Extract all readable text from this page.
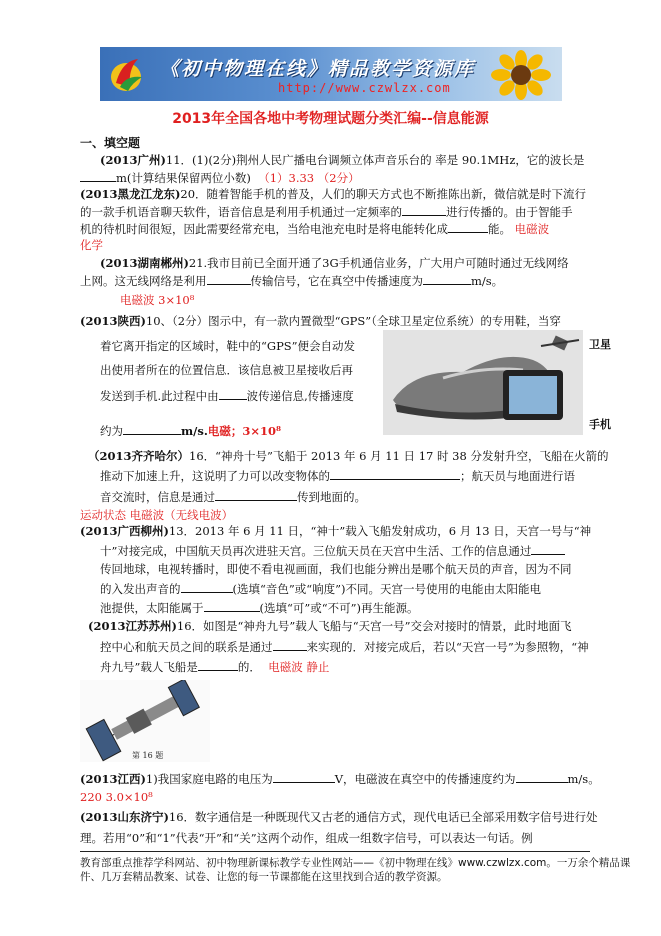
《初中物理在线》精品教学资源库
http://www.czwlzx.com
2013年全国各地中考物理试题分类汇编--信息能源
一、填空题
(2013广州)11．(1)(2分)荆州人民广播电台调频立体声音乐台的 率是 90.1MHz，它的波长是
m(计算结果保留两位小数) （1）3.33 （2分）
(2013黑龙江龙东)20．随着智能手机的普及，人们的聊天方式也不断推陈出新，微信就是时下流行
的一款手机语音聊天软件，语音信息是利用手机通过一定频率的	进行传播的。由于智能手
机的待机时间很短，因此需要经常充电，当给电池充电时是将电能转化成	能。 电磁波
化学
(2013湖南郴州)21.我市目前已全面开通了3G手机通信业务，广大用户可随时通过无线网络
上网。这无线网络是利用	传输信号，它在真空中传播速度为	m/s。
电磁波 3×10⁸
(2013陕西)10、（2分）图示中，有一款内置微型“GPS”（全球卫星定位系统）的专用鞋，当穿
着它离开指定的区域时，鞋中的“GPS”便会自动发
出使用者所在的位置信息．该信息被卫星接收后再
发送到手机.此过程中由 波传递信息,传播速度
约为	m/s.电磁；3×10⁸
卫星
手机
（2013齐齐哈尔）16．“神舟十号”飞船于 2013 年 6 月 11 日 17 时 38 分发射升空，飞船在火箭的
推动下加速上升，这说明了力可以改变物体的	；航天员与地面进行语
音交流时，信息是通过	传到地面的。
运动状态 电磁波（无线电波）
(2013广西柳州)13．2013 年 6 月 11 日，“神十”载入飞船发射成功，6 月 13 日，天宫一号与“神
十”对接完成，中国航天员再次进驻天宫。三位航天员在天宫中生活、工作的信息通过
传回地球，电视转播时，即使不看电视画面，我们也能分辨出是哪个航天员的声音，因为不同
的入发出声音的	(选填“音色”或“响度”)不同。天宫一号使用的电能由太阳能电
池提供，太阳能属于	(选填“可”或“不可”)再生能源。
(2013江苏苏州)16．如图是“神舟九号”载人飞船与“天宫一号”交会对接时的情景，此时地面飞
控中心和航天员之间的联系是通过	来实现的．对接完成后，若以“天宫一号”为参照物，“神
舟九号”载人飞船是	的． 电磁波 静止
第 16 题
(2013江西)1)我国家庭电路的电压为	V，电磁波在真空中的传播速度约为	m/s。
220 3.0×10⁸
(2013山东济宁)16．数字通信是一种既现代又古老的通信方式，现代电话已全部采用数字信号进行处
理。若用“0”和“1”代表“开”和“关”这两个动作，组成一组数字信号，可以表达一句话。例
教育部重点推荐学科网站、初中物理新课标教学专业性网站——《初中物理在线》www.czwlzx.com。一万余个精品课
件、几万套精品教案、试卷、让您的每一节课都能在这里找到合适的教学资源。
